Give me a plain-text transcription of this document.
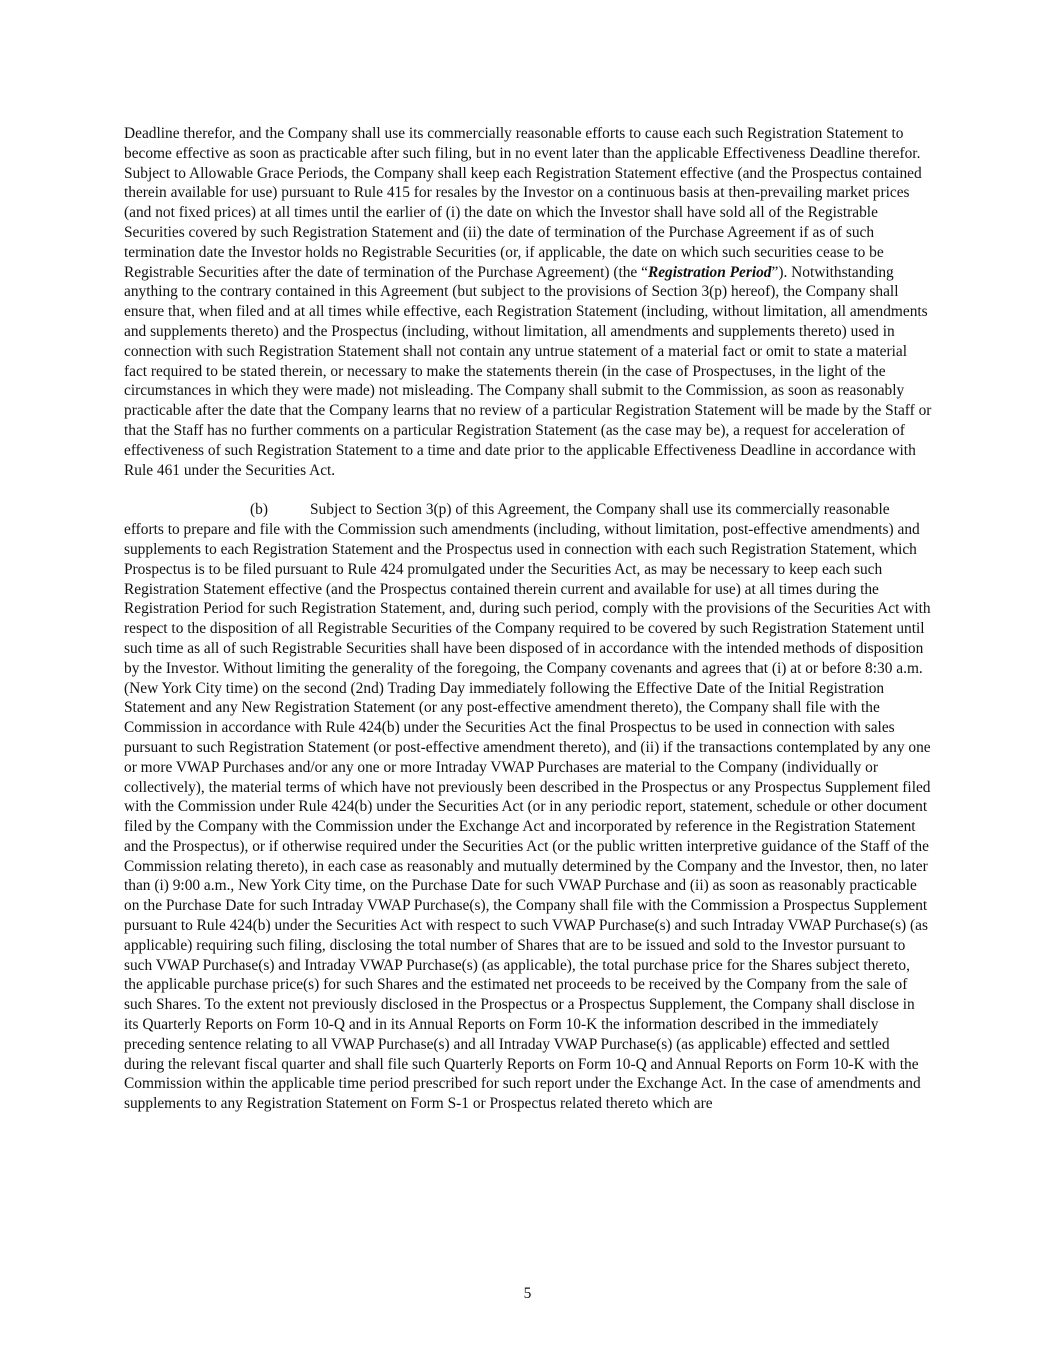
Deadline therefor, and the Company shall use its commercially reasonable efforts to cause each such Registration Statement to become effective as soon as practicable after such filing, but in no event later than the applicable Effectiveness Deadline therefor. Subject to Allowable Grace Periods, the Company shall keep each Registration Statement effective (and the Prospectus contained therein available for use) pursuant to Rule 415 for resales by the Investor on a continuous basis at then-prevailing market prices (and not fixed prices) at all times until the earlier of (i) the date on which the Investor shall have sold all of the Registrable Securities covered by such Registration Statement and (ii) the date of termination of the Purchase Agreement if as of such termination date the Investor holds no Registrable Securities (or, if applicable, the date on which such securities cease to be Registrable Securities after the date of termination of the Purchase Agreement) (the “Registration Period”). Notwithstanding anything to the contrary contained in this Agreement (but subject to the provisions of Section 3(p) hereof), the Company shall ensure that, when filed and at all times while effective, each Registration Statement (including, without limitation, all amendments and supplements thereto) and the Prospectus (including, without limitation, all amendments and supplements thereto) used in connection with such Registration Statement shall not contain any untrue statement of a material fact or omit to state a material fact required to be stated therein, or necessary to make the statements therein (in the case of Prospectuses, in the light of the circumstances in which they were made) not misleading. The Company shall submit to the Commission, as soon as reasonably practicable after the date that the Company learns that no review of a particular Registration Statement will be made by the Staff or that the Staff has no further comments on a particular Registration Statement (as the case may be), a request for acceleration of effectiveness of such Registration Statement to a time and date prior to the applicable Effectiveness Deadline in accordance with Rule 461 under the Securities Act.

(b)	Subject to Section 3(p) of this Agreement, the Company shall use its commercially reasonable efforts to prepare and file with the Commission such amendments (including, without limitation, post-effective amendments) and supplements to each Registration Statement and the Prospectus used in connection with each such Registration Statement, which Prospectus is to be filed pursuant to Rule 424 promulgated under the Securities Act, as may be necessary to keep each such Registration Statement effective (and the Prospectus contained therein current and available for use) at all times during the Registration Period for such Registration Statement, and, during such period, comply with the provisions of the Securities Act with respect to the disposition of all Registrable Securities of the Company required to be covered by such Registration Statement until such time as all of such Registrable Securities shall have been disposed of in accordance with the intended methods of disposition by the Investor. Without limiting the generality of the foregoing, the Company covenants and agrees that (i) at or before 8:30 a.m. (New York City time) on the second (2nd) Trading Day immediately following the Effective Date of the Initial Registration Statement and any New Registration Statement (or any post-effective amendment thereto), the Company shall file with the Commission in accordance with Rule 424(b) under the Securities Act the final Prospectus to be used in connection with sales pursuant to such Registration Statement (or post-effective amendment thereto), and (ii) if the transactions contemplated by any one or more VWAP Purchases and/or any one or more Intraday VWAP Purchases are material to the Company (individually or collectively), the material terms of which have not previously been described in the Prospectus or any Prospectus Supplement filed with the Commission under Rule 424(b) under the Securities Act (or in any periodic report, statement, schedule or other document filed by the Company with the Commission under the Exchange Act and incorporated by reference in the Registration Statement and the Prospectus), or if otherwise required under the Securities Act (or the public written interpretive guidance of the Staff of the Commission relating thereto), in each case as reasonably and mutually determined by the Company and the Investor, then, no later than (i) 9:00 a.m., New York City time, on the Purchase Date for such VWAP Purchase and (ii) as soon as reasonably practicable on the Purchase Date for such Intraday VWAP Purchase(s), the Company shall file with the Commission a Prospectus Supplement pursuant to Rule 424(b) under the Securities Act with respect to such VWAP Purchase(s) and such Intraday VWAP Purchase(s) (as applicable) requiring such filing, disclosing the total number of Shares that are to be issued and sold to the Investor pursuant to such VWAP Purchase(s) and Intraday VWAP Purchase(s) (as applicable), the total purchase price for the Shares subject thereto, the applicable purchase price(s) for such Shares and the estimated net proceeds to be received by the Company from the sale of such Shares. To the extent not previously disclosed in the Prospectus or a Prospectus Supplement, the Company shall disclose in its Quarterly Reports on Form 10-Q and in its Annual Reports on Form 10-K the information described in the immediately preceding sentence relating to all VWAP Purchase(s) and all Intraday VWAP Purchase(s) (as applicable) effected and settled during the relevant fiscal quarter and shall file such Quarterly Reports on Form 10-Q and Annual Reports on Form 10-K with the Commission within the applicable time period prescribed for such report under the Exchange Act. In the case of amendments and supplements to any Registration Statement on Form S-1 or Prospectus related thereto which are

5
